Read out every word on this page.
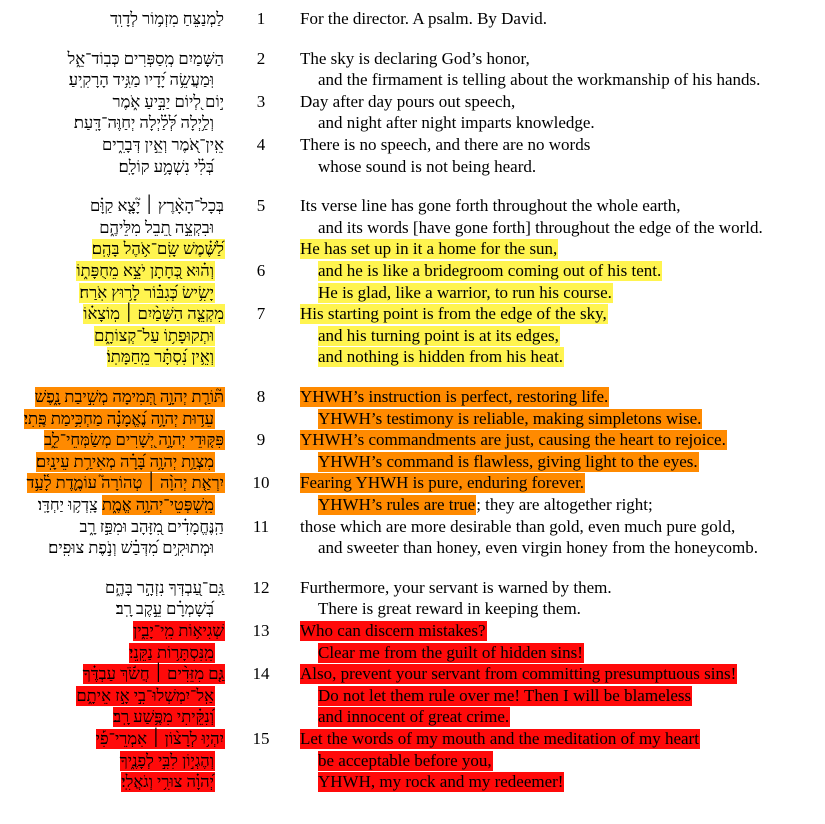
לַמְנַצֵּחַ מִזְמ֥וֹר לְדָוִֽד	1	For the director. A psalm. By David.
הַשָּׁמַיִם מְֽסַפְּרִים כְּבֽוֹד־אֵ֑ל	2	The sky is declaring God’s honor,
וּֽמַעֲשֵׂ֥ה יָ֝דָיו מַגִּ֥יד הָרָקִֽיעַ׃	and the firmament is telling about the workmanship of his hands.
י֣וֹם לְ֭יוֹם יַבִּ֣יעַ אֹ֑מֶר	3	Day after day pours out speech,
וְלַ֥יְלָה לְּ֝לַ֗יְלָה יְחַוֶּה־דָּֽעַת׃	and night after night imparts knowledge.
אֵֽין־אֹ֭מֶר וְאֵ֣ין דְּבָרִ֑ים	4	There is no speech, and there are no words
בְּ֝לִ֗י נִשְׁמָ֥ע קוֹלָֽם׃	whose sound is not being heard.
בְּכָל־הָאָ֨רֶץ ׀ יָ֘צָ֤א קַוָּ֗ם	5	Its verse line has gone forth throughout the whole earth,
וּבִקְצֵ֣ה תֵ֭בֵל מִלֵּיהֶ֑ם	and its words [have gone forth] throughout the edge of the world.
לַ֝שֶּׁ֗מֶשׁ שָֽׂם־אֹ֥הֶל בָּהֶֽם׃	He has set up in it a home for the sun,
וְה֗וּא כְּ֭חָתָן יֹצֵ֣א מֵחֻפָּת֑וֹ	6	and he is like a bridegroom coming out of his tent.
יָשִׂ֥ישׂ כְּ֝גִבּ֗וֹר לָר֥וּץ אֹֽרַח׃	He is glad, like a warrior, to run his course.
מִקְצֵ֤ה הַשָּׁמַ֨יִם ׀ מֽוֹצָא֗וֹ	7	His starting point is from the edge of the sky,
וּתְקוּפָת֥וֹ עַל־קְצוֹתָ֑ם	and his turning point is at its edges,
וְאֵ֥ין נִ֝סְתָּ֗ר מֵֽחַמָּתֽוֹ׃	and nothing is hidden from his heat.
תּ֘וֹרַ֤ת יְהוָ֣ה תְּ֭מִימָה מְשִׁ֣יבַת נָ֑פֶשׁ	8	YHWH’s instruction is perfect, restoring life.
עֵד֥וּת יְהוָ֥ה נֶ֝אֱמָנָ֗ה מַחְכִּ֥ימַת פֶּֽתִי׃	YHWH’s testimony is reliable, making simpletons wise.
פִּקּ֤וּדֵי יְהוָ֣ה יְ֭שָׁרִים מְשַׂמְּחֵי־לֵ֑ב	9	YHWH’s commandments are just, causing the heart to rejoice.
מִצְוַ֥ת יְהוָ֥ה בָּ֝רָ֗ה מְאִירַ֥ת עֵינָֽיִם׃	YHWH’s command is flawless, giving light to the eyes.
יִרְאַ֤ת יְהוָ֨ה ׀ טְהוֹרָה֮ עוֹמֶ֪דֶת לָ֫עַ֥ד	10	Fearing YHWH is pure, enduring forever.
מִֽשְׁפְּטֵי־יְהוָ֥ה אֱמֶ֑ת צָֽדְק֥וּ יַחְדָּֽו׃	YHWH’s rules are true; they are altogether right;
הַֽנֶּחֱמָדִ֗ים מִ֭זָּהָב וּמִפַּ֣ז רָ֑ב	11	those which are more desirable than gold, even much pure gold,
וּמְתוּקִ֥ים מִ֝דְּבַ֗שׁ וְנֹ֣פֶת צוּפִֽים׃	and sweeter than honey, even virgin honey from the honeycomb.
גַּֽם־עַ֭בְדְּךָ נִזְהָ֣ר בָּהֶ֑ם	12	Furthermore, your servant is warned by them.
בְּ֝שָׁמְרָ֗ם עֵ֣קֶב רָֽב׃	There is great reward in keeping them.
שְׁגִיא֥וֹת מִֽי־יָבִ֑ין	13	Who can discern mistakes?
מִֽנִּסְתָּר֥וֹת נַקֵּֽנִי׃	Clear me from the guilt of hidden sins!
גַּ֤ם מִזֵּדִ֨ים ׀ חֲשֹׂ֬ךְ עַבְדֶּ֗ךָ	14	Also, prevent your servant from committing presumptuous sins!
אַֽל־יִמְשְׁלוּ־בִ֣י אָ֣ז אֵיתָ֑ם	Do not let them rule over me! Then I will be blameless
וְ֝נִקֵּ֗יתִי מִפֶּ֥שַׁע רָֽב׃	and innocent of great crime.
יִהְי֥וּ לְרָצ֨וֹן ׀ אִמְרֵי־פִ֡י	15	Let the words of my mouth and the meditation of my heart
וְהֶגְי֣וֹן לִבִּ֣י לְפָנֶ֑יךָ	be acceptable before you,
יְ֝הוָ֗ה צוּרִ֥י וְגֹאֲלִֽי׃	YHWH, my rock and my redeemer!
